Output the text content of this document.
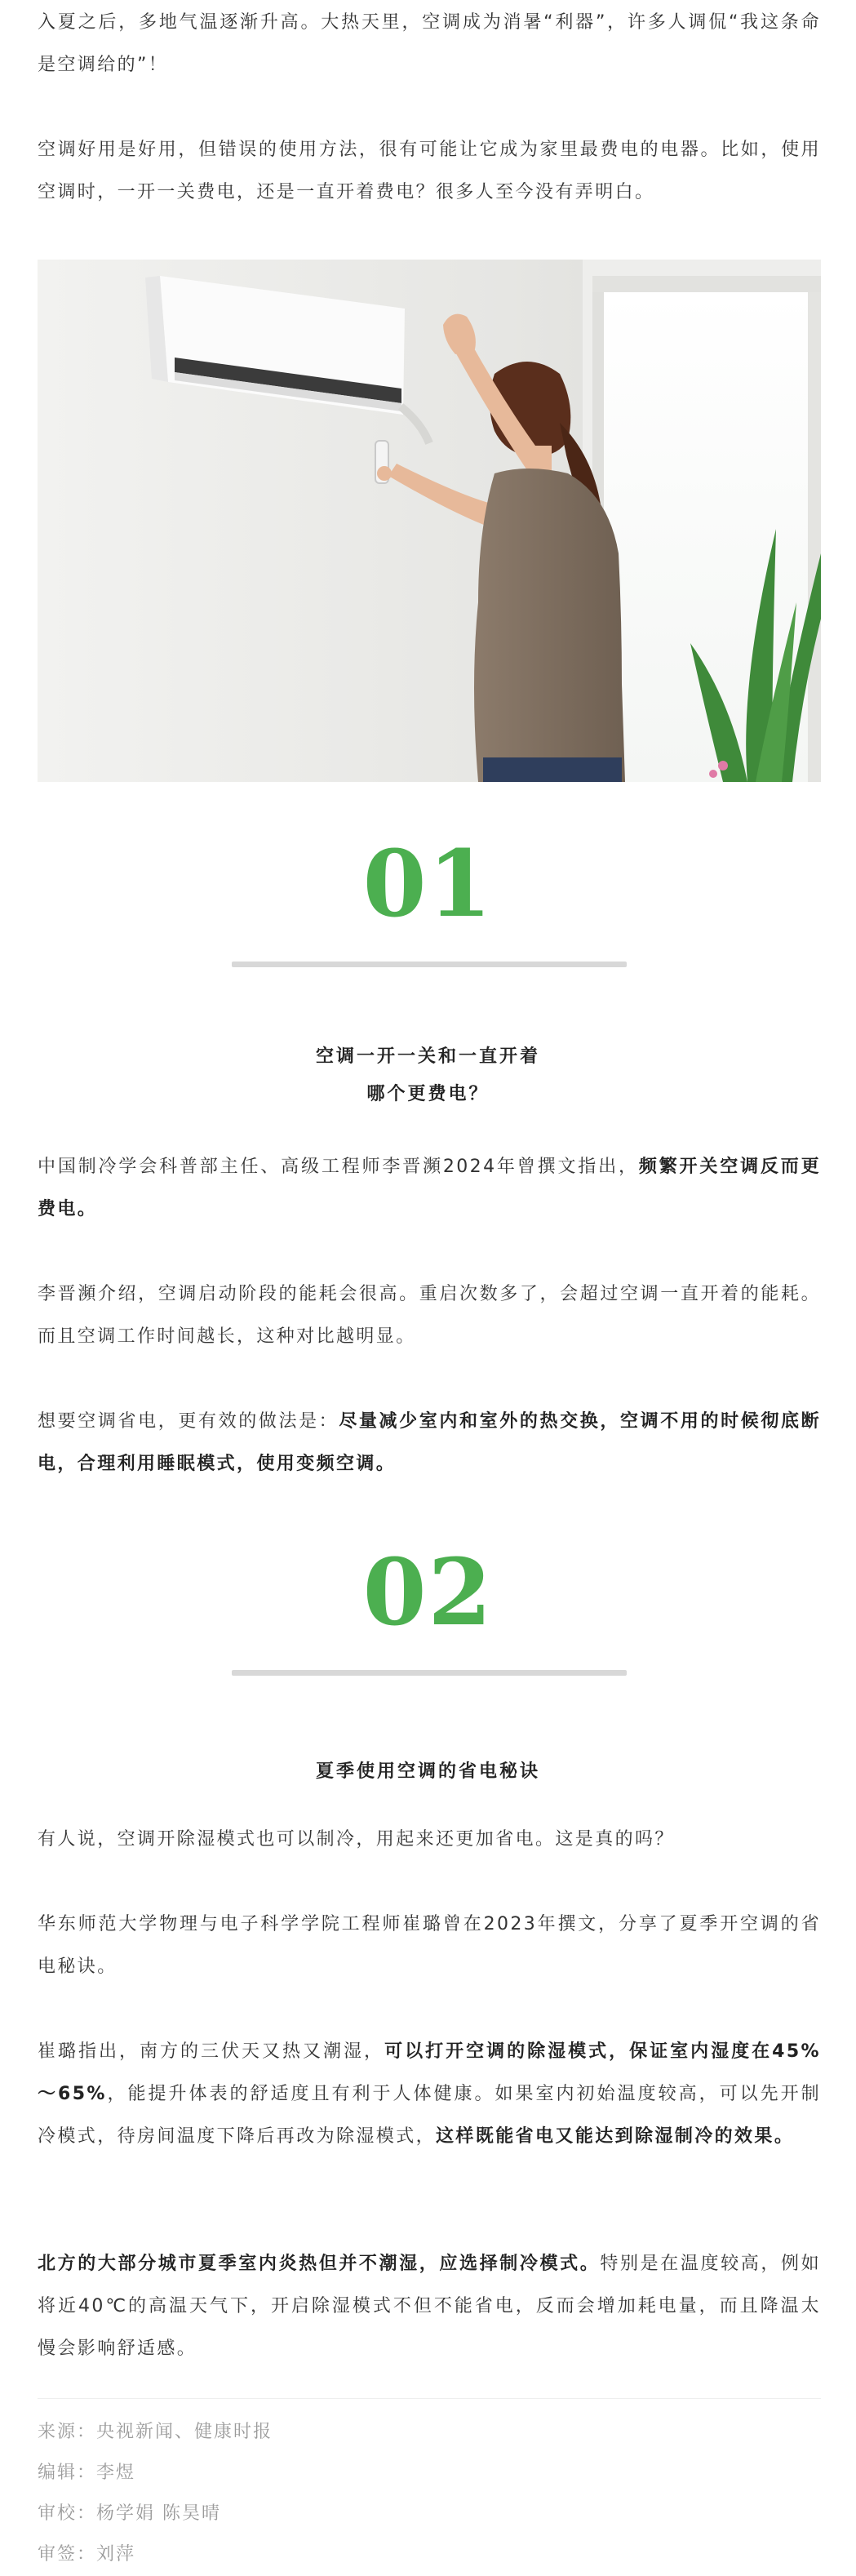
入夏之后，多地气温逐渐升高。大热天里，空调成为消暑“利器”，许多人调侃“我这条命是空调给的”！

空调好用是好用，但错误的使用方法，很有可能让它成为家里最费电的电器。比如，使用空调时，一开一关费电，还是一直开着费电？很多人至今没有弄明白。

01

空调一开一关和一直开着

哪个更费电？

中国制冷学会科普部主任、高级工程师李晋瀕2024年曾撰文指出，频繁开关空调反而更费电。

李晋瀕介绍，空调启动阶段的能耗会很高。重启次数多了，会超过空调一直开着的能耗。而且空调工作时间越长，这种对比越明显。

想要空调省电，更有效的做法是：尽量减少室内和室外的热交换，空调不用的时候彻底断电，合理利用睡眠模式，使用变频空调。

02

夏季使用空调的省电秘诀

有人说，空调开除湿模式也可以制冷，用起来还更加省电。这是真的吗？

华东师范大学物理与电子科学学院工程师崔璐曾在2023年撰文，分享了夏季开空调的省电秘诀。

崔璐指出，南方的三伏天又热又潮湿，可以打开空调的除湿模式，保证室内湿度在45%～65%，能提升体表的舒适度且有利于人体健康。如果室内初始温度较高，可以先开制冷模式，待房间温度下降后再改为除湿模式，这样既能省电又能达到除湿制冷的效果。

北方的大部分城市夏季室内炎热但并不潮湿，应选择制冷模式。特别是在温度较高，例如将近40℃的高温天气下，开启除湿模式不但不能省电，反而会增加耗电量，而且降温太慢会影响舒适感。

来源：央视新闻、健康时报

编辑：李煜

审校：杨学娟 陈昊晴

审签：刘萍
